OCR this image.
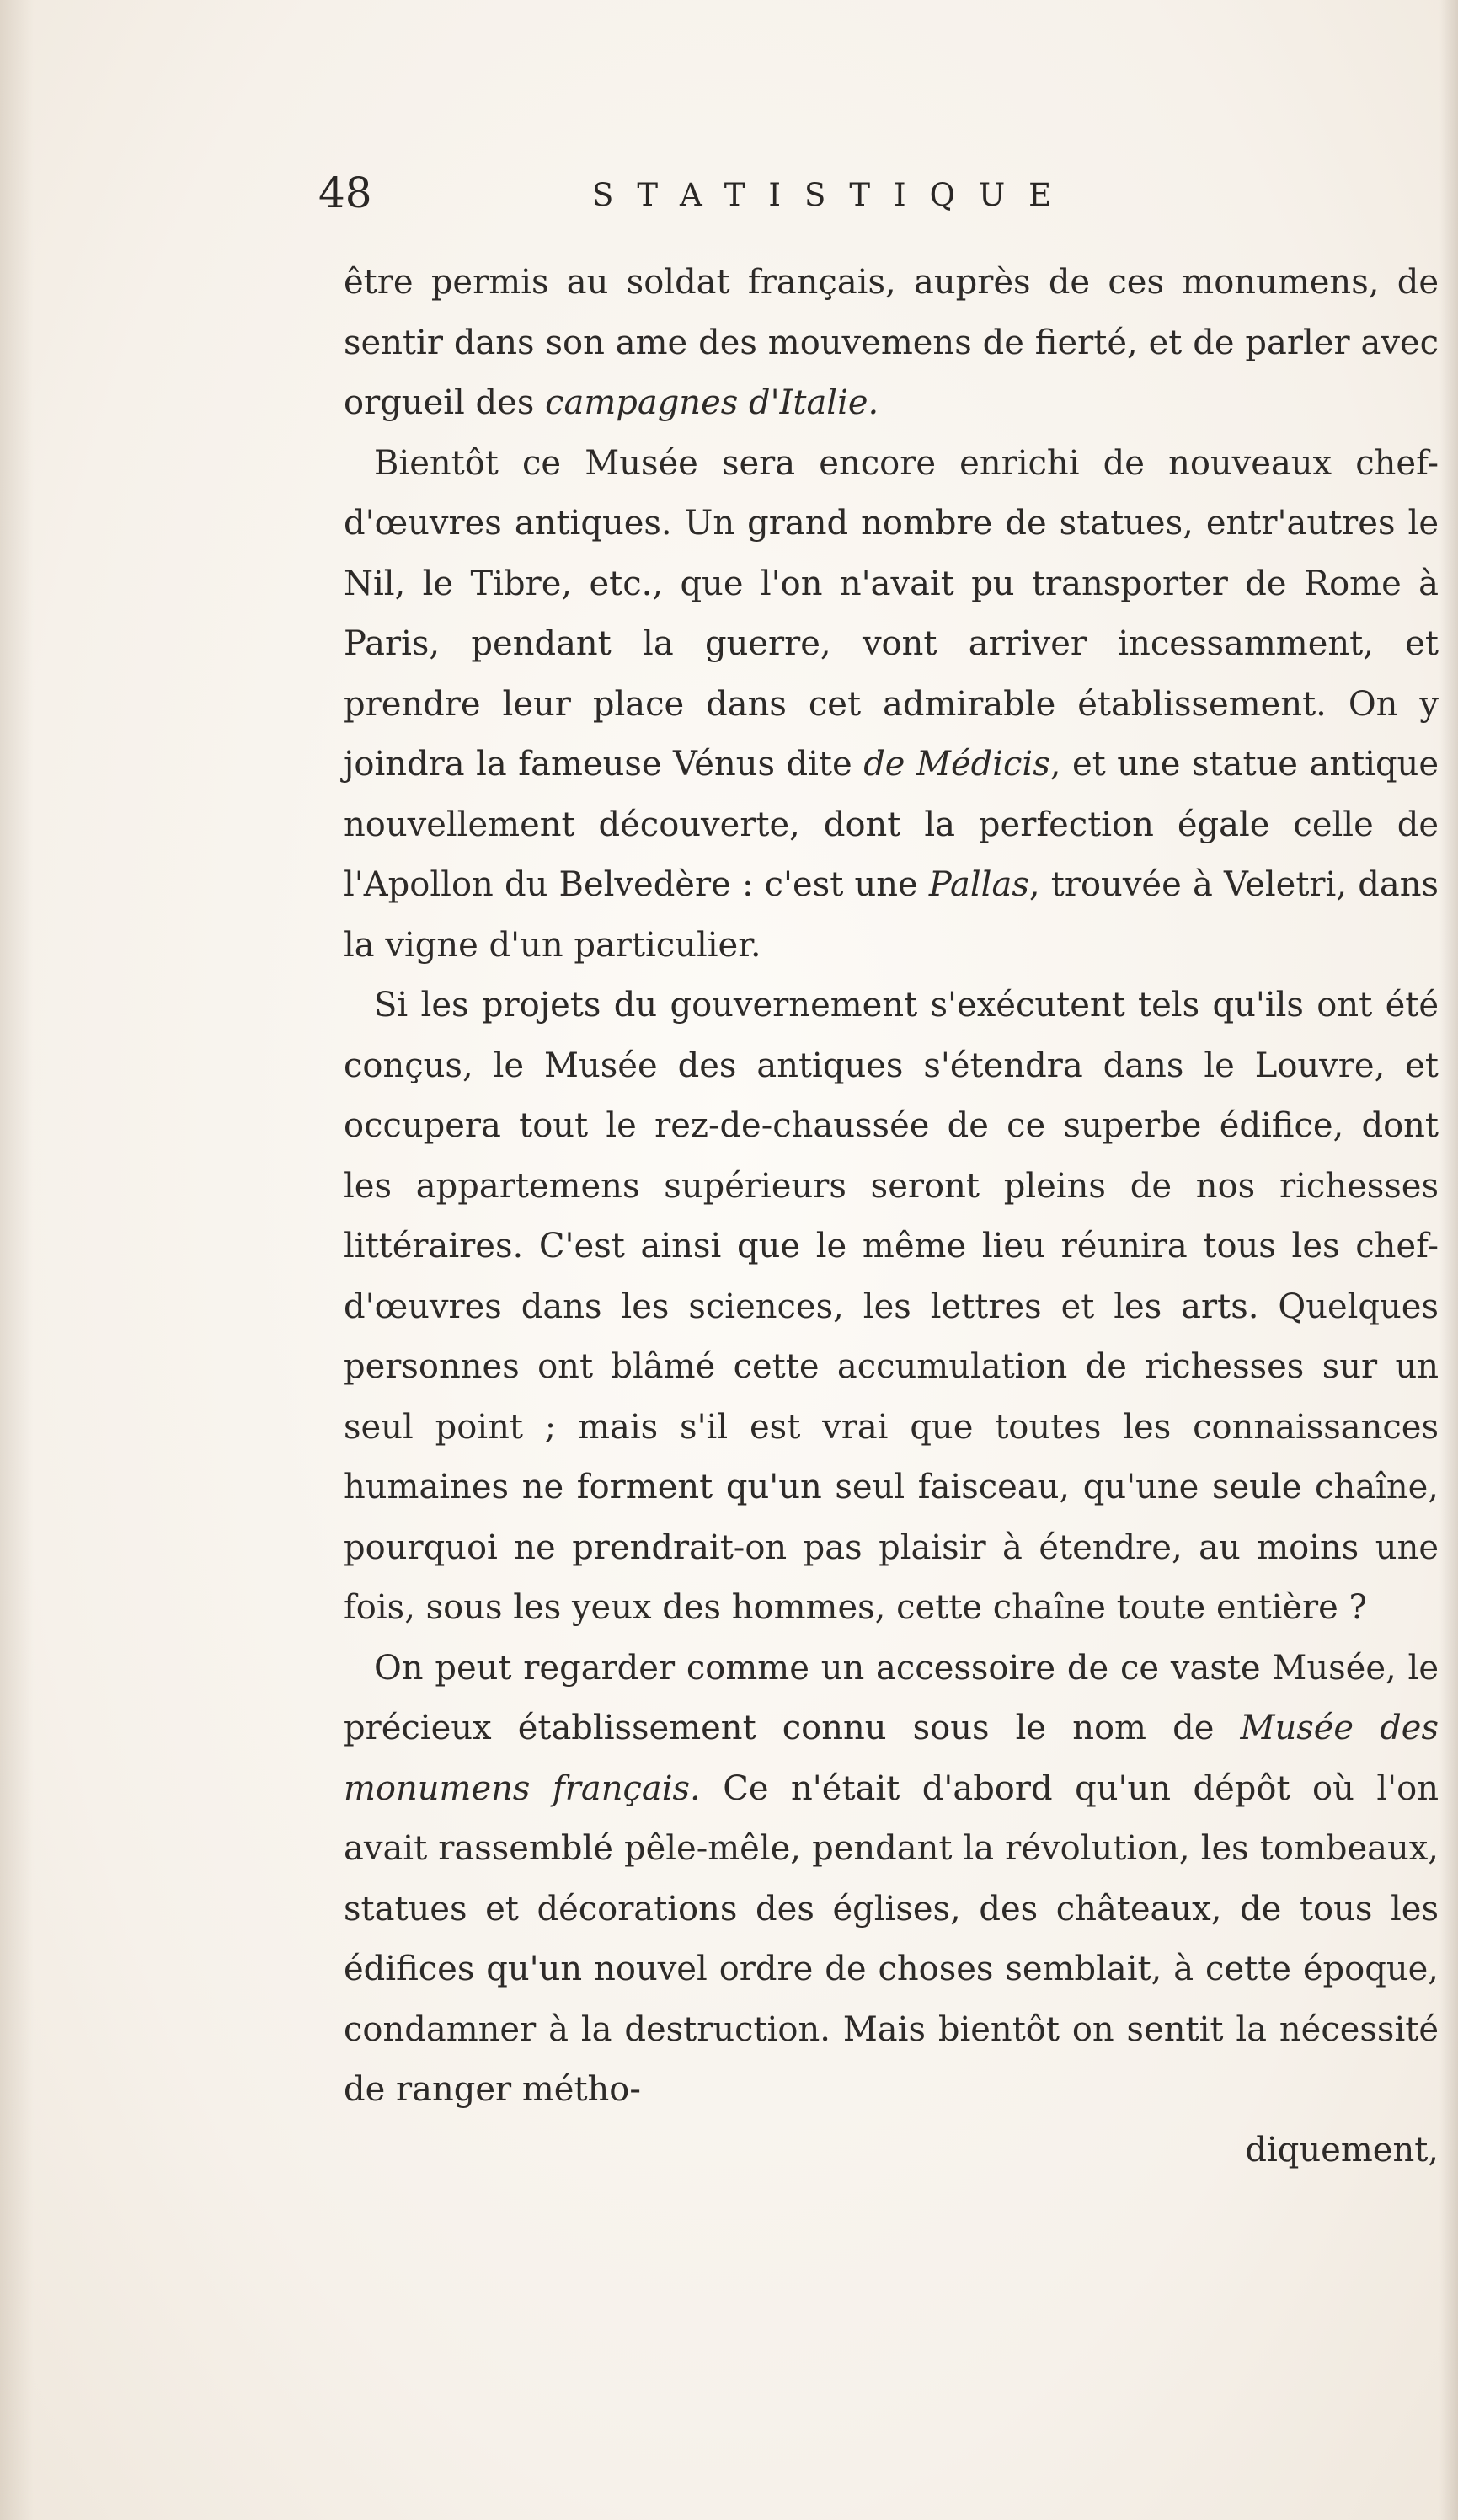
48	STATISTIQUE

être permis au soldat français, auprès de ces monumens, de sentir dans son ame des mouvemens de fierté, et de parler avec orgueil des campagnes d'Italie.

Bientôt ce Musée sera encore enrichi de nouveaux chef-d'œuvres antiques. Un grand nombre de statues, entr'autres le Nil, le Tibre, etc., que l'on n'avait pu transporter de Rome à Paris, pendant la guerre, vont arriver incessamment, et prendre leur place dans cet admirable établissement. On y joindra la fameuse Vénus dite de Médicis, et une statue antique nouvellement découverte, dont la perfection égale celle de l'Apollon du Belvedère : c'est une Pallas, trouvée à Veletri, dans la vigne d'un particulier.

Si les projets du gouvernement s'exécutent tels qu'ils ont été conçus, le Musée des antiques s'étendra dans le Louvre, et occupera tout le rez-de-chaussée de ce superbe édifice, dont les appartemens supérieurs seront pleins de nos richesses littéraires. C'est ainsi que le même lieu réunira tous les chef-d'œuvres dans les sciences, les lettres et les arts. Quelques personnes ont blâmé cette accumulation de richesses sur un seul point ; mais s'il est vrai que toutes les connaissances humaines ne forment qu'un seul faisceau, qu'une seule chaîne, pourquoi ne prendrait-on pas plaisir à étendre, au moins une fois, sous les yeux des hommes, cette chaîne toute entière ?

On peut regarder comme un accessoire de ce vaste Musée, le précieux établissement connu sous le nom de Musée des monumens français. Ce n'était d'abord qu'un dépôt où l'on avait rassemblé pêle-mêle, pendant la révolution, les tombeaux, statues et décorations des églises, des châteaux, de tous les édifices qu'un nouvel ordre de choses semblait, à cette époque, condamner à la destruction. Mais bientôt on sentit la nécessité de ranger métho-

diquement,
